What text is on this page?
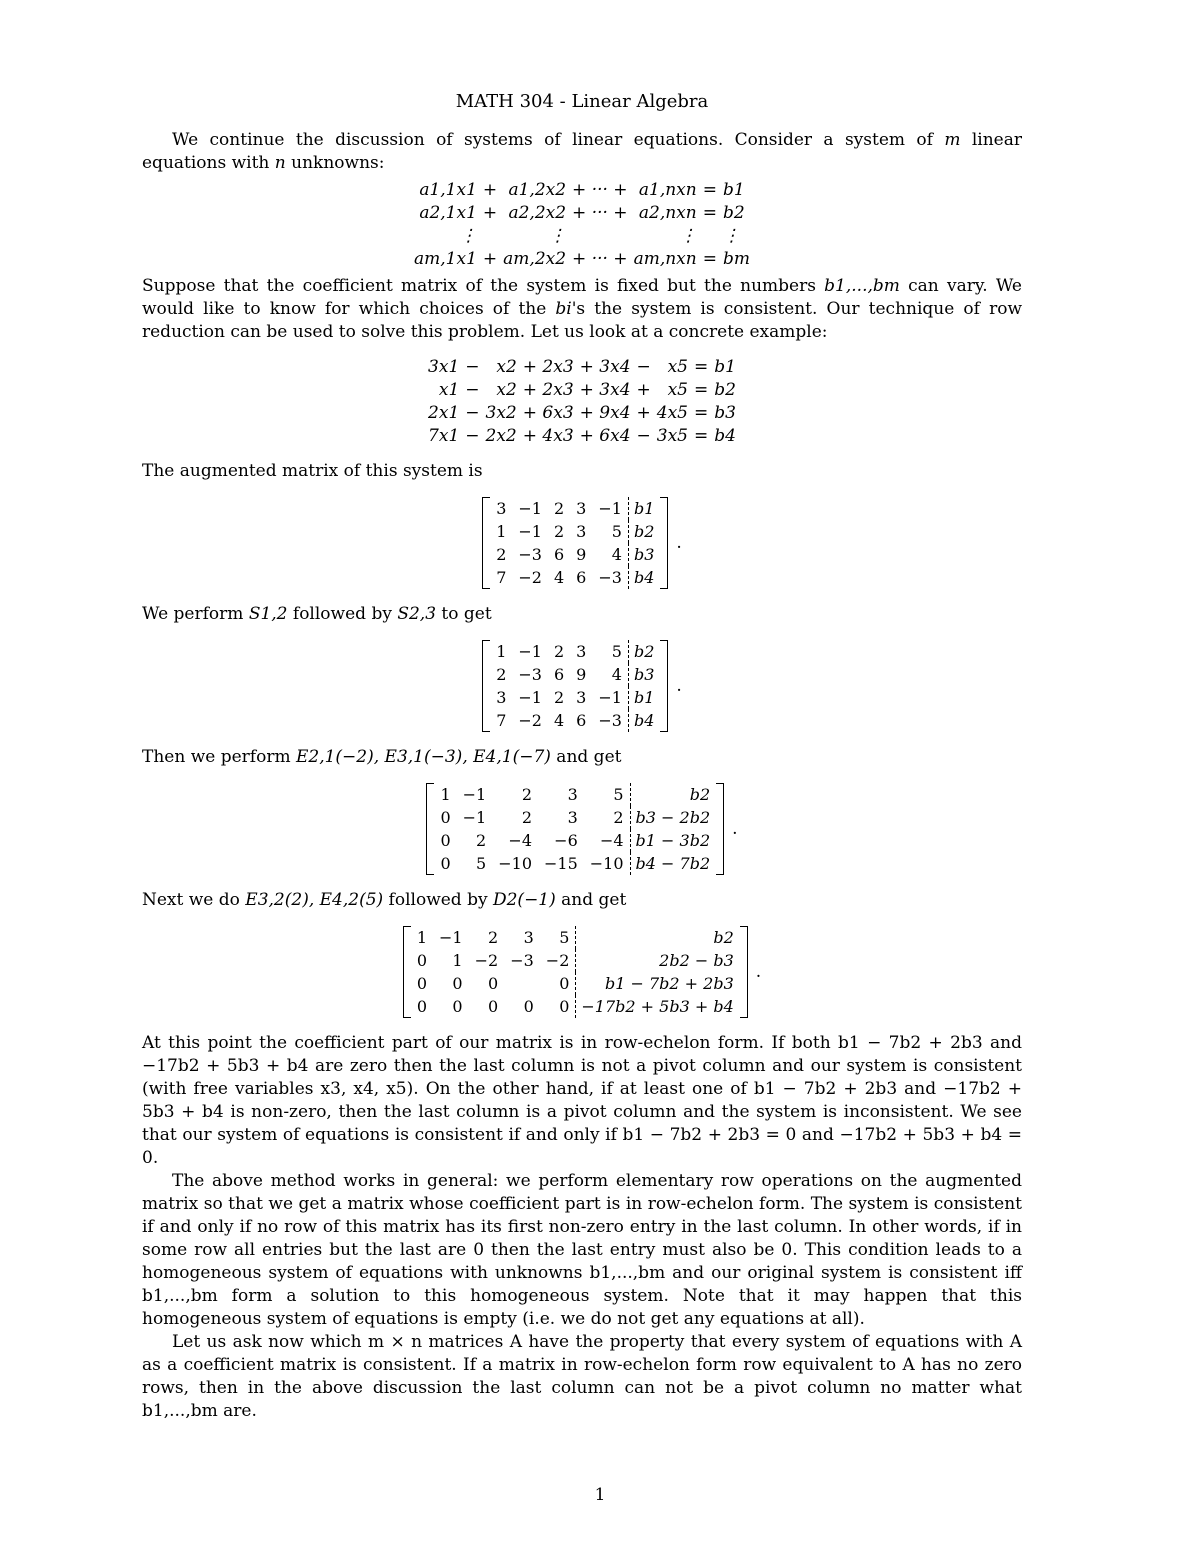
MATH 304 - Linear Algebra

We continue the discussion of systems of linear equations. Consider a system of m linear equations with n unknowns:

a1,1x1	+	a1,2x2	+ ··· +	a1,nxn	=	b1
a2,1x1	+	a2,2x2	+ ··· +	a2,nxn	=	b2
⋮		⋮		⋮		⋮
am,1x1	+	am,2x2	+ ··· +	am,nxn	=	bm

Suppose that the coefficient matrix of the system is fixed but the numbers b1,...,bm can vary. We would like to know for which choices of the bi's the system is consistent. Our technique of row reduction can be used to solve this problem. Let us look at a concrete example:

3x1	−	x2	+ 2x3	+ 3x4	−	x5	=	b1
x1	−	x2	+ 2x3	+ 3x4	+	x5	=	b2
2x1	−	3x2	+ 6x3	+ 9x4	+	4x5	=	b3
7x1	−	2x2	+ 4x3	+ 6x4	−	3x5	=	b4

The augmented matrix of this system is

3	−1	2	3	−1	b1
1	−1	2	3	5	b2
2	−3	6	9	4	b3
7	−2	4	6	−3	b4
.

We perform S1,2 followed by S2,3 to get

1	−1	2	3	5	b2
2	−3	6	9	4	b3
3	−1	2	3	−1	b1
7	−2	4	6	−3	b4
.

Then we perform E2,1(−2), E3,1(−3), E4,1(−7) and get

1	−1	2	3	5	b2
0	−1	2	3	2	b3 − 2b2
0	2	−4	−6	−4	b1 − 3b2
0	5	−10	−15	−10	b4 − 7b2
.

Next we do E3,2(2), E4,2(5) followed by D2(−1) and get

1	−1	2	3	5	b2
0	1	−2	−3	−2	2b2 − b3
0	0	0		0	b1 − 7b2 + 2b3
0	0	0	0	0	−17b2 + 5b3 + b4
.

At this point the coefficient part of our matrix is in row-echelon form. If both b1 − 7b2 + 2b3 and −17b2 + 5b3 + b4 are zero then the last column is not a pivot column and our system is consistent (with free variables x3, x4, x5). On the other hand, if at least one of b1 − 7b2 + 2b3 and −17b2 + 5b3 + b4 is non-zero, then the last column is a pivot column and the system is inconsistent. We see that our system of equations is consistent if and only if b1 − 7b2 + 2b3 = 0 and −17b2 + 5b3 + b4 = 0.

The above method works in general: we perform elementary row operations on the augmented matrix so that we get a matrix whose coefficient part is in row-echelon form. The system is consistent if and only if no row of this matrix has its first non-zero entry in the last column. In other words, if in some row all entries but the last are 0 then the last entry must also be 0. This condition leads to a homogeneous system of equations with unknowns b1,...,bm and our original system is consistent iff b1,...,bm form a solution to this homogeneous system. Note that it may happen that this homogeneous system of equations is empty (i.e. we do not get any equations at all).

Let us ask now which m × n matrices A have the property that every system of equations with A as a coefficient matrix is consistent. If a matrix in row-echelon form row equivalent to A has no zero rows, then in the above discussion the last column can not be a pivot column no matter what b1,...,bm are.

1
